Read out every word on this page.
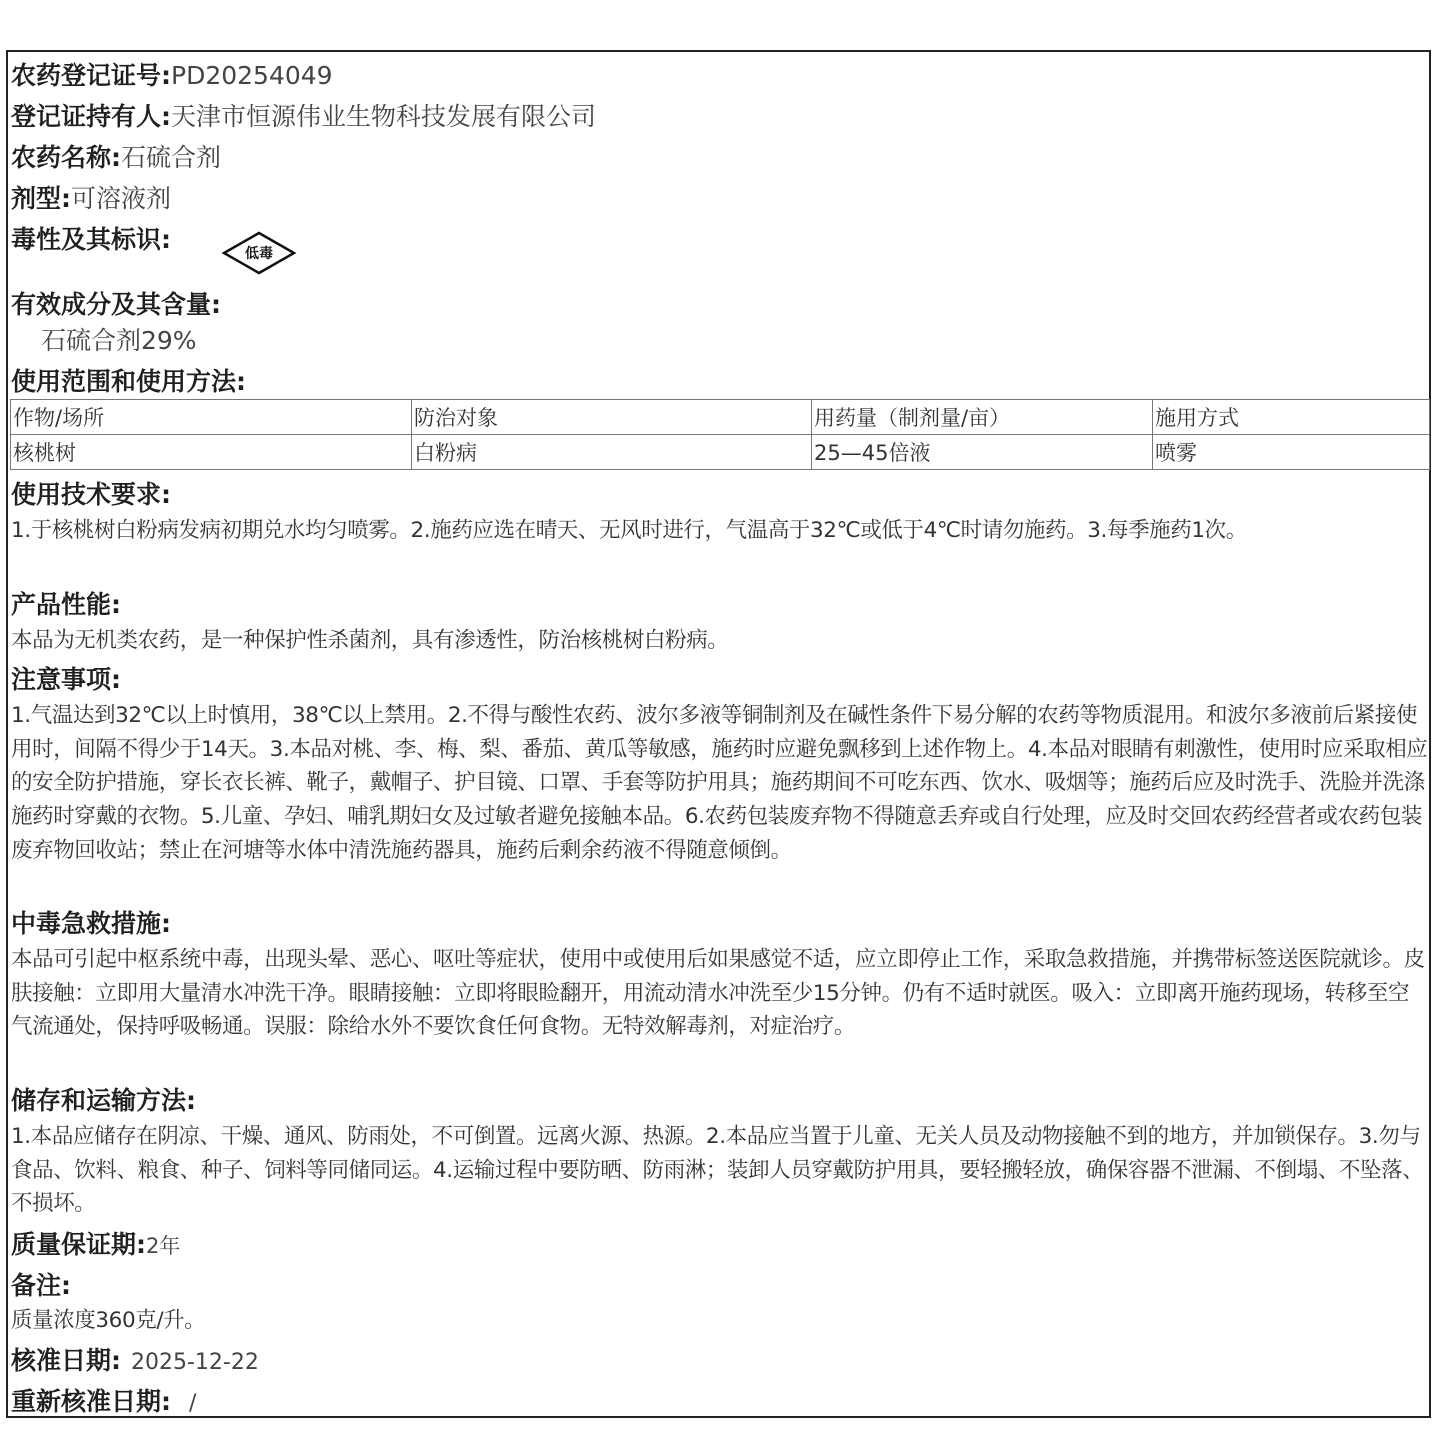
农药登记证号:PD20254049
登记证持有人:天津市恒源伟业生物科技发展有限公司
农药名称:石硫合剂
剂型:可溶液剂
毒性及其标识:	低毒
有效成分及其含量:
石硫合剂29%
使用范围和使用方法:
作物/场所	防治对象	用药量（制剂量/亩）	施用方式
核桃树	白粉病	25—45倍液	喷雾
使用技术要求:
1.于核桃树白粉病发病初期兑水均匀喷雾。2.施药应选在晴天、无风时进行，气温高于32℃或低于4℃时请勿施药。3.每季施药1次。
产品性能:
本品为无机类农药，是一种保护性杀菌剂，具有渗透性，防治核桃树白粉病。
注意事项:
1.气温达到32℃以上时慎用，38℃以上禁用。2.不得与酸性农药、波尔多液等铜制剂及在碱性条件下易分解的农药等物质混用。和波尔多液前后紧接使用时，间隔不得少于14天。3.本品对桃、李、梅、梨、番茄、黄瓜等敏感，施药时应避免飘移到上述作物上。4.本品对眼睛有刺激性，使用时应采取相应的安全防护措施，穿长衣长裤、靴子，戴帽子、护目镜、口罩、手套等防护用具；施药期间不可吃东西、饮水、吸烟等；施药后应及时洗手、洗脸并洗涤施药时穿戴的衣物。5.儿童、孕妇、哺乳期妇女及过敏者避免接触本品。6.农药包装废弃物不得随意丢弃或自行处理，应及时交回农药经营者或农药包装废弃物回收站；禁止在河塘等水体中清洗施药器具，施药后剩余药液不得随意倾倒。
中毒急救措施:
本品可引起中枢系统中毒，出现头晕、恶心、呕吐等症状，使用中或使用后如果感觉不适，应立即停止工作，采取急救措施，并携带标签送医院就诊。皮肤接触：立即用大量清水冲洗干净。眼睛接触：立即将眼睑翻开，用流动清水冲洗至少15分钟。仍有不适时就医。吸入：立即离开施药现场，转移至空气流通处，保持呼吸畅通。误服：除给水外不要饮食任何食物。无特效解毒剂，对症治疗。
储存和运输方法:
1.本品应储存在阴凉、干燥、通风、防雨处，不可倒置。远离火源、热源。2.本品应当置于儿童、无关人员及动物接触不到的地方，并加锁保存。3.勿与食品、饮料、粮食、种子、饲料等同储同运。4.运输过程中要防晒、防雨淋；装卸人员穿戴防护用具，要轻搬轻放，确保容器不泄漏、不倒塌、不坠落、不损坏。
质量保证期:2年
备注:
质量浓度360克/升。
核准日期: 2025-12-22
重新核准日期: /
